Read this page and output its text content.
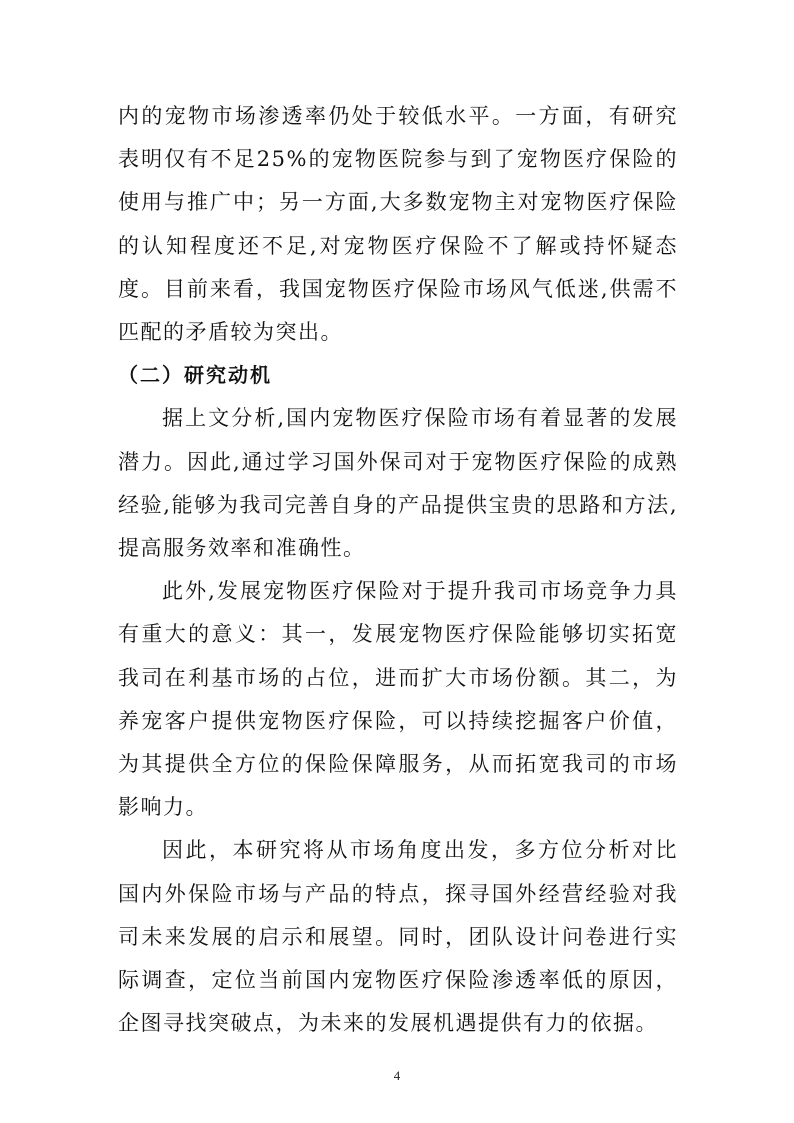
内的宠物市场渗透率仍处于较低水平。一方面，有研究表明仅有不足25%的宠物医院参与到了宠物医疗保险的使用与推广中；另一方面,大多数宠物主对宠物医疗保险的认知程度还不足,对宠物医疗保险不了解或持怀疑态度。目前来看，我国宠物医疗保险市场风气低迷,供需不匹配的矛盾较为突出。

（二）研究动机

据上文分析,国内宠物医疗保险市场有着显著的发展潜力。因此,通过学习国外保司对于宠物医疗保险的成熟经验,能够为我司完善自身的产品提供宝贵的思路和方法,提高服务效率和准确性。

此外,发展宠物医疗保险对于提升我司市场竞争力具有重大的意义：其一，发展宠物医疗保险能够切实拓宽我司在利基市场的占位，进而扩大市场份额。其二，为养宠客户提供宠物医疗保险，可以持续挖掘客户价值，为其提供全方位的保险保障服务，从而拓宽我司的市场影响力。

因此，本研究将从市场角度出发，多方位分析对比国内外保险市场与产品的特点，探寻国外经营经验对我司未来发展的启示和展望。同时，团队设计问卷进行实际调查，定位当前国内宠物医疗保险渗透率低的原因，企图寻找突破点，为未来的发展机遇提供有力的依据。

4
